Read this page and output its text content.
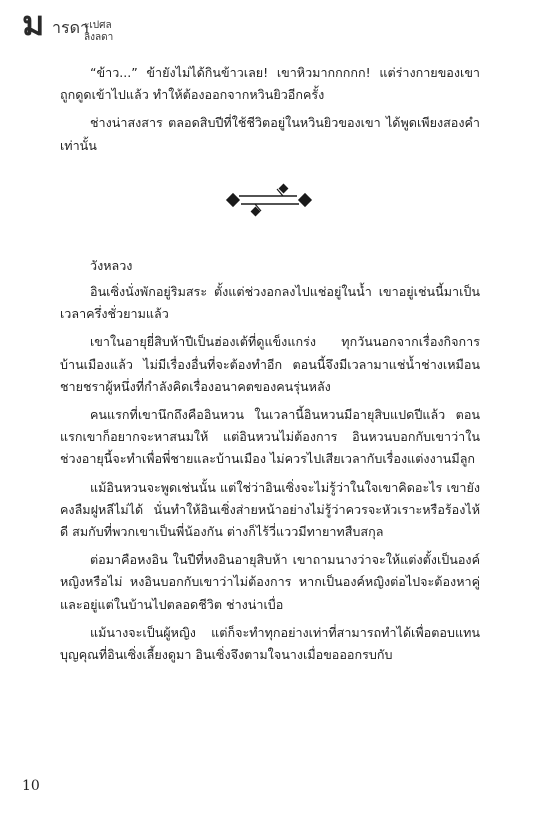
ม ารดา
ะเปศล
ลิงลดา

“ข้าว...” ข้ายังไม่ได้กินข้าวเลย! เขาหิวมากกกกก! แต่ร่างกายของเขาถูกดูดเข้าไปแล้ว ทำให้ต้องออกจากหวินยิวอีกครั้ง

ช่างน่าสงสาร ตลอดสิบปีที่ใช้ชีวิตอยู่ในหวินยิวของเขา ได้พูดเพียงสองคำเท่านั้น

วังหลวง

อินเซิ่งนั่งพักอยู่ริมสระ ตั้งแต่ช่วงอกลงไปแช่อยู่ในน้ำ เขาอยู่เช่นนี้มาเป็นเวลาครึ่งชั่วยามแล้ว

เขาในอายุยี่สิบห้าปีเป็นฮ่องเต้ที่ดูแข็งแกร่ง ทุกวันนอกจากเรื่องกิจการบ้านเมืองแล้ว ไม่มีเรื่องอื่นที่จะต้องทำอีก ตอนนี้จึงมีเวลามาแช่น้ำช่างเหมือนชายชราผู้หนึ่งที่กำลังคิดเรื่องอนาคตของคนรุ่นหลัง

คนแรกที่เขานึกถึงคืออินหวน ในเวลานี้อินหวนมีอายุสิบแปดปีแล้ว ตอนแรกเขาก็อยากจะหาสนมให้ แต่อินหวนไม่ต้องการ อินหวนบอกกับเขาว่าในช่วงอายุนี้จะทำเพื่อพี่ชายและบ้านเมือง ไม่ควรไปเสียเวลากับเรื่องแต่งงานมีลูก

แม้อินหวนจะพูดเช่นนั้น แต่ใช่ว่าอินเซิ่งจะไม่รู้ว่าในใจเขาคิดอะไร เขายังคงลืมฝูหลีไม่ได้ นั่นทำให้อินเซิ่งส่ายหน้าอย่างไม่รู้ว่าควรจะหัวเราะหรือร้องไห้ดี สมกับที่พวกเขาเป็นพี่น้องกัน ต่างก็ไร้วี่แววมีทายาทสืบสกุล

ต่อมาคือหงอิน ในปีที่หงอินอายุสิบห้า เขาถามนางว่าจะให้แต่งตั้งเป็นองค์หญิงหรือไม่ หงอินบอกกับเขาว่าไม่ต้องการ หากเป็นองค์หญิงต่อไปจะต้องหาคู่และอยู่แต่ในบ้านไปตลอดชีวิต ช่างน่าเบื่อ

แม้นางจะเป็นผู้หญิง แต่ก็จะทำทุกอย่างเท่าที่สามารถทำได้เพื่อตอบแทนบุญคุณที่อินเซิ่งเลี้ยงดูมา อินเซิ่งจึงตามใจนางเมื่อขอออกรบกับ

10
